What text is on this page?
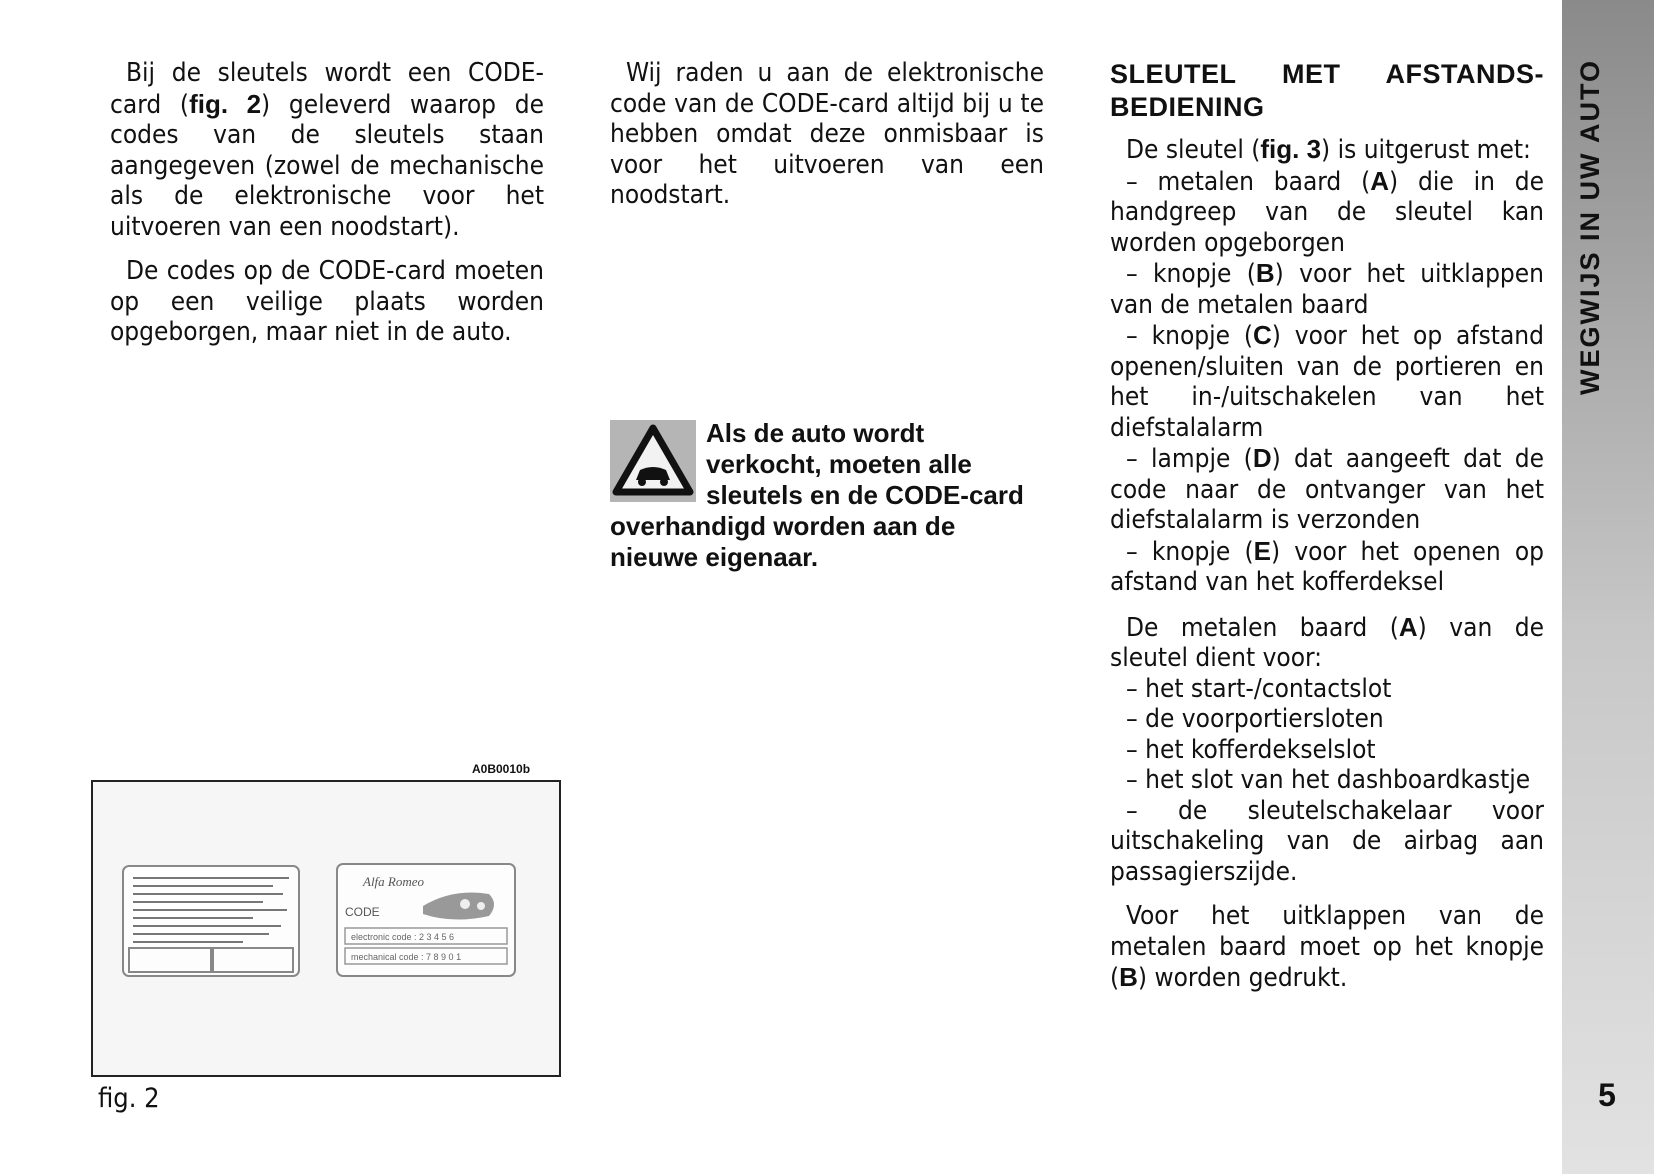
Bij de sleutels wordt een CODE-card (fig. 2) geleverd waarop de codes van de sleutels staan aangegeven (zowel de mechanische als de elektronische voor het uitvoeren van een noodstart).

De codes op de CODE-card moeten op een veilige plaats worden opgeborgen, maar niet in de auto.

A0B0010b
Alfa Romeo
CODE
electronic code : 2 3 4 5 6
mechanical code : 7 8 9 0 1
fig. 2

Wij raden u aan de elektronische code van de CODE-card altijd bij u te hebben omdat deze onmisbaar is voor het uitvoeren van een noodstart.

Als de auto wordt verkocht, moeten alle sleutels en de CODE-card overhandigd worden aan de nieuwe eigenaar.

SLEUTEL MET AFSTANDS-BEDIENING

De sleutel (fig. 3) is uitgerust met:

– metalen baard (A) die in de handgreep van de sleutel kan worden opgeborgen

– knopje (B) voor het uitklappen van de metalen baard

– knopje (C) voor het op afstand openen/sluiten van de portieren en het in-/uitschakelen van het diefstalalarm

– lampje (D) dat aangeeft dat de code naar de ontvanger van het diefstalalarm is verzonden

– knopje (E) voor het openen op afstand van het kofferdeksel

De metalen baard (A) van de sleutel dient voor:

– het start-/contactslot

– de voorportiersloten

– het kofferdekselslot

– het slot van het dashboardkastje

– de sleutelschakelaar voor uitschakeling van de airbag aan passagierszijde.

Voor het uitklappen van de metalen baard moet op het knopje (B) worden gedrukt.

WEGWIJS IN UW AUTO
5
